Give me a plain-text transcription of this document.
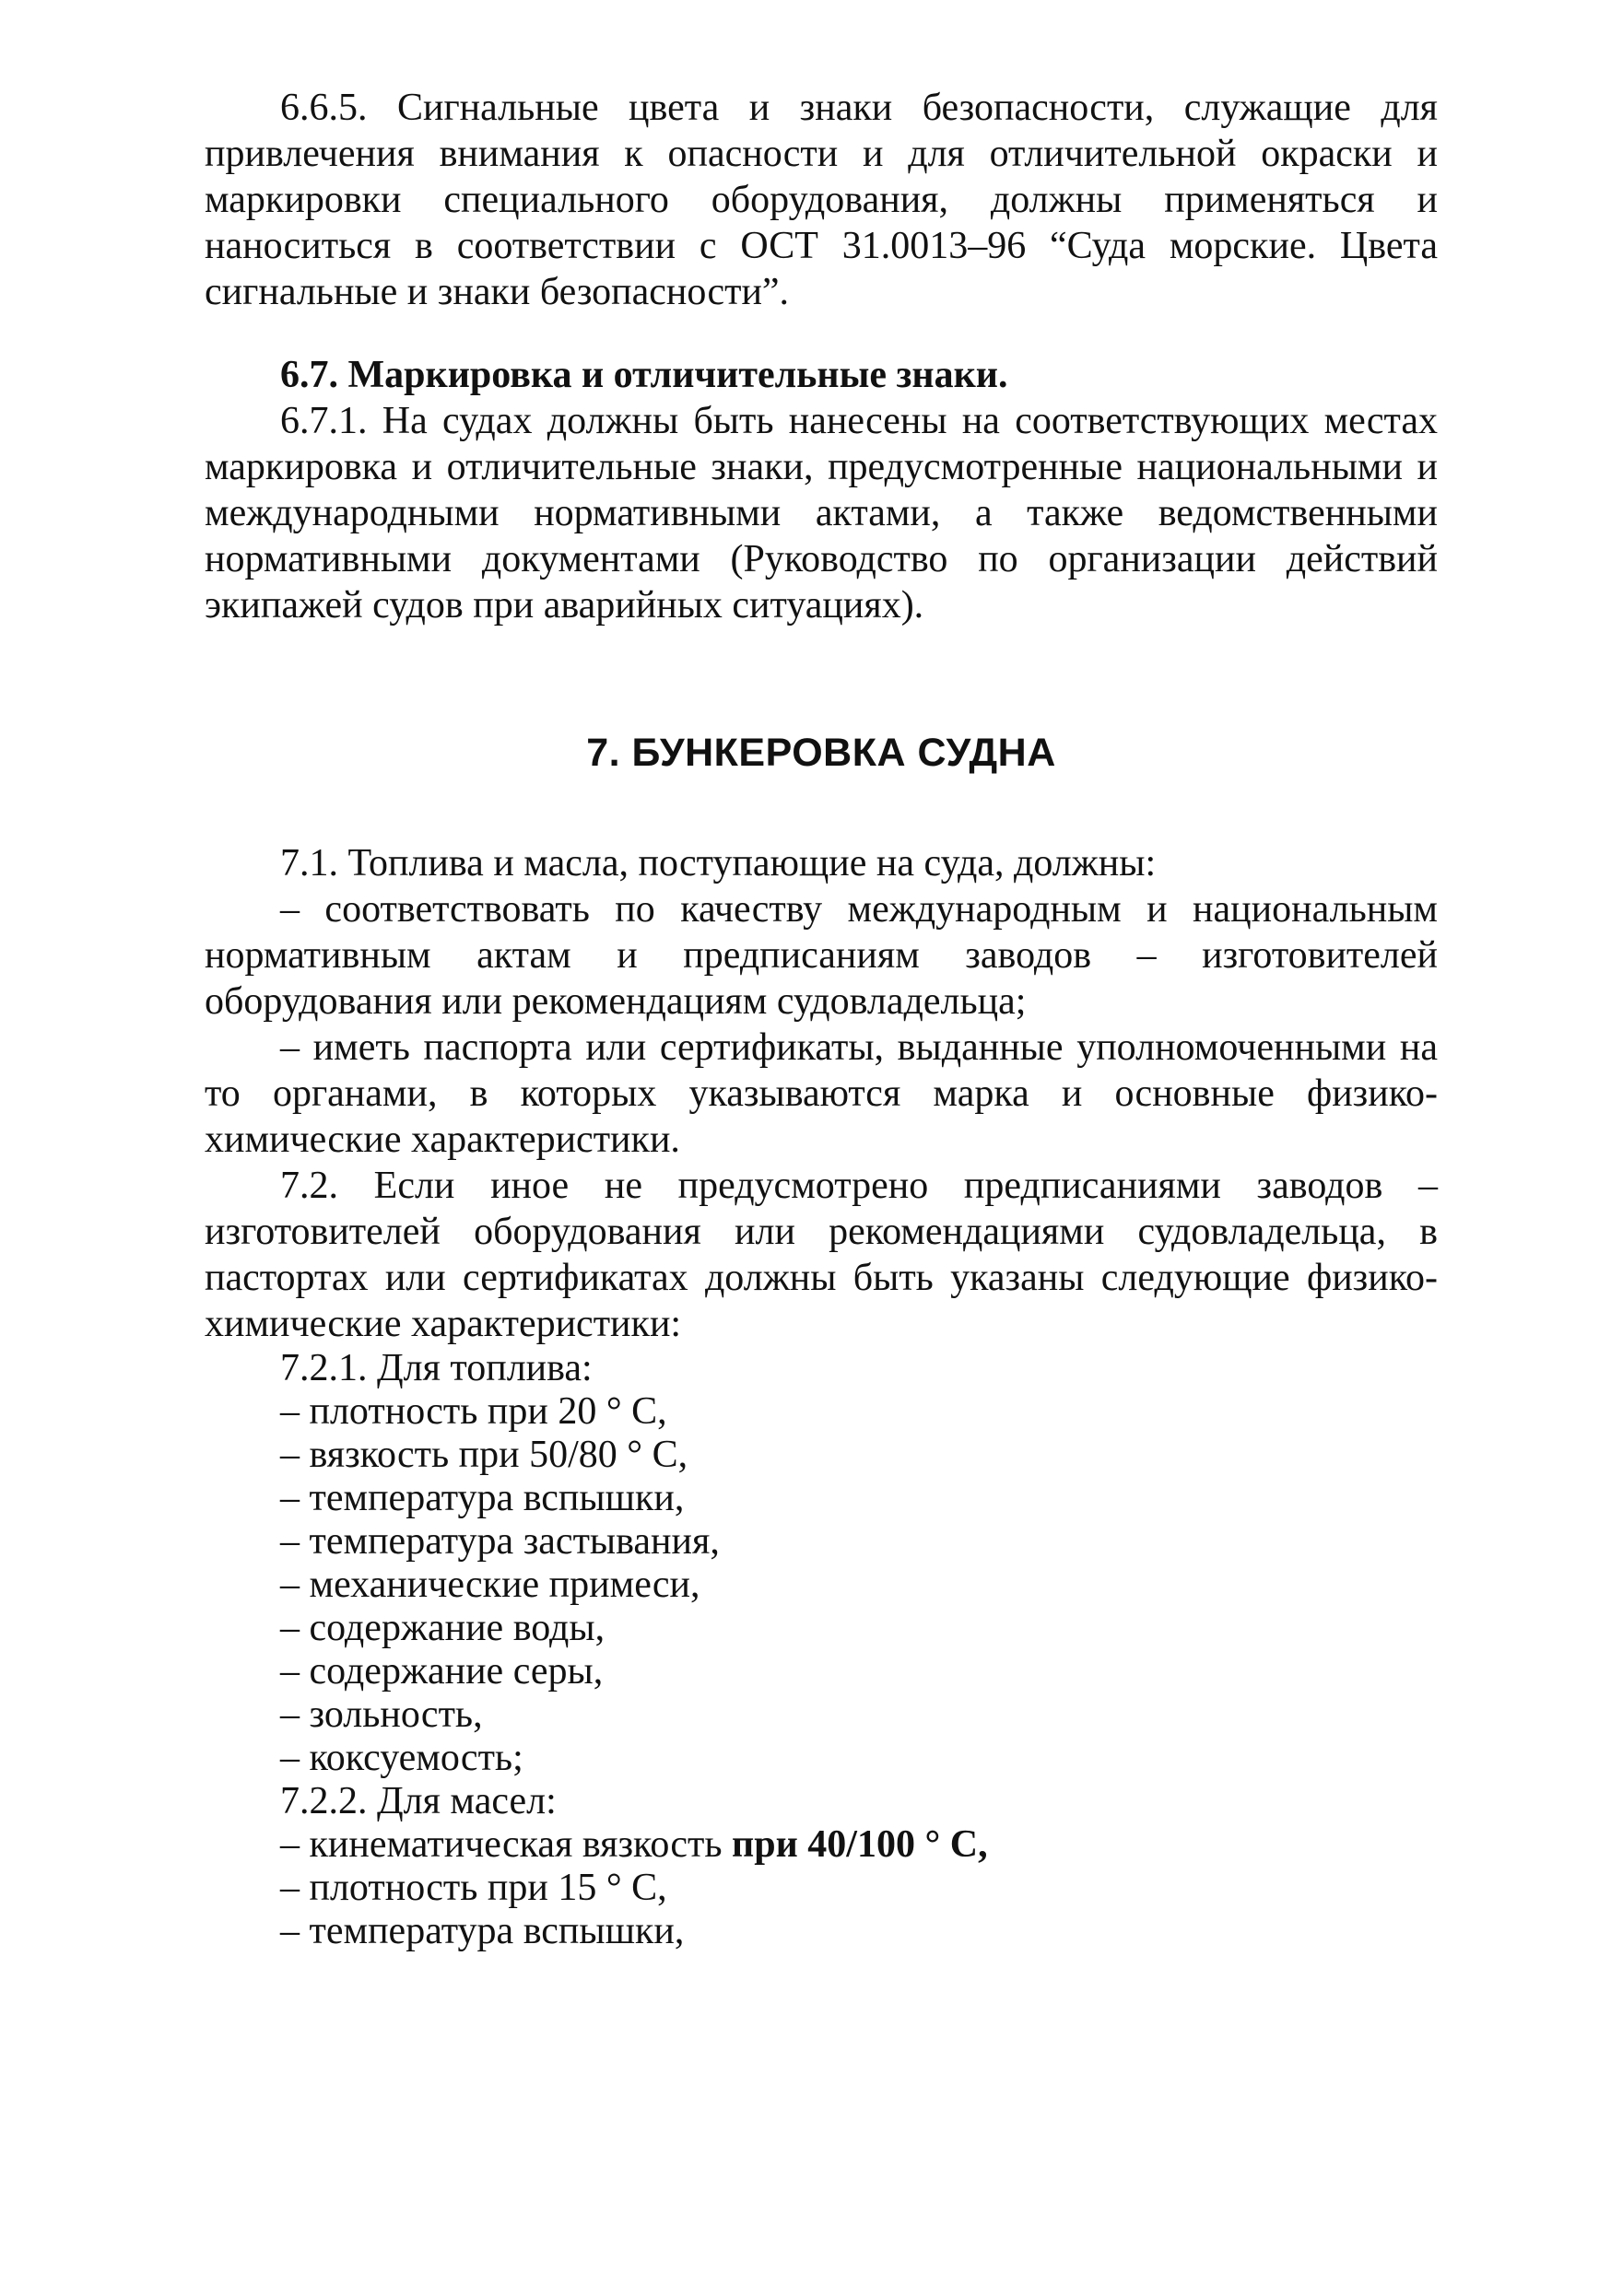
6.6.5. Сигнальные цвета и знаки безопасности, служащие для привлечения внимания к опасности и для отличительной окраски и маркировки специального оборудования, должны применяться и наноситься в соответствии с ОСТ 31.0013–96 “Суда морские. Цвета сигнальные и знаки безопасности”.

6.7. Маркировка и отличительные знаки.

6.7.1. На судах должны быть нанесены на соответствующих местах маркировка и отличительные знаки, предусмотренные национальными и международными нормативными актами, а также ведомственными нормативными документами (Руководство по организации действий экипажей судов при аварийных ситуациях).

7. БУНКЕРОВКА СУДНА

7.1. Топлива и масла, поступающие на суда, должны:

– соответствовать по качеству международным и национальным нормативным актам и предписаниям заводов – изготовителей оборудования или рекомендациям судовладельца;

– иметь паспорта или сертификаты, выданные уполномоченными на то органами, в которых указываются марка и основные физико-химические характеристики.

7.2. Если иное не предусмотрено предписаниями заводов – изготовителей оборудования или рекомендациями судовладельца, в пастортах или сертификатах должны быть указаны следующие физико-химические характеристики:

7.2.1. Для топлива:

– плотность при 20 ° С,

– вязкость при 50/80 ° С,

– температура вспышки,

– температура застывания,

– механические примеси,

– содержание воды,

– содержание серы,

– зольность,

– коксуемость;

7.2.2. Для масел:

– кинематическая вязкость при 40/100 ° С,

– плотность при 15 ° С,

– температура вспышки,
